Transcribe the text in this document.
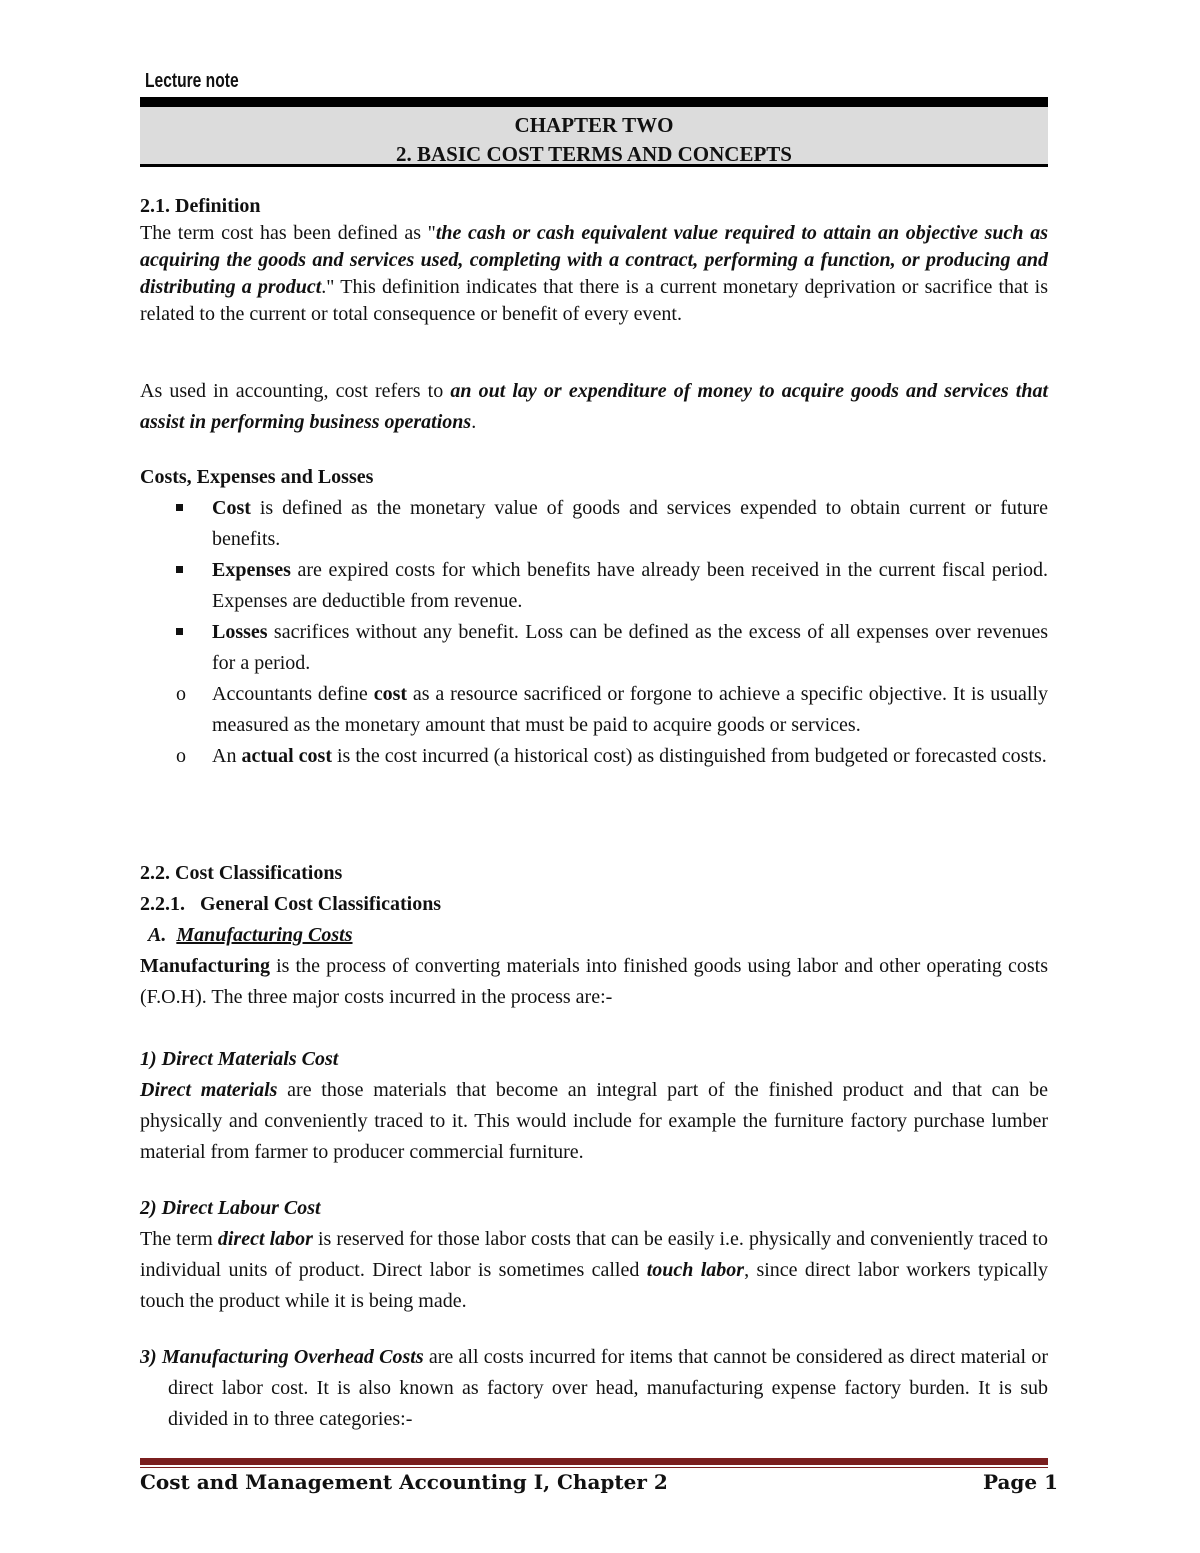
Lecture note
CHAPTER TWO
2. BASIC COST TERMS AND CONCEPTS

2.1. Definition

The term cost has been defined as "the cash or cash equivalent value required to attain an objective such as acquiring the goods and services used, completing with a contract, performing a function, or producing and distributing a product." This definition indicates that there is a current monetary deprivation or sacrifice that is related to the current or total consequence or benefit of every event.

As used in accounting, cost refers to an out lay or expenditure of money to acquire goods and services that assist in performing business operations.

Costs, Expenses and Losses

Cost is defined as the monetary value of goods and services expended to obtain current or future benefits.
Expenses are expired costs for which benefits have already been received in the current fiscal period. Expenses are deductible from revenue.
Losses sacrifices without any benefit. Loss can be defined as the excess of all expenses over revenues for a period.
o Accountants define cost as a resource sacrificed or forgone to achieve a specific objective. It is usually measured as the monetary amount that must be paid to acquire goods or services.
o An actual cost is the cost incurred (a historical cost) as distinguished from budgeted or forecasted costs.

2.2. Cost Classifications

2.2.1. General Cost Classifications

A. Manufacturing Costs

Manufacturing is the process of converting materials into finished goods using labor and other operating costs (F.O.H). The three major costs incurred in the process are:-

1) Direct Materials Cost

Direct materials are those materials that become an integral part of the finished product and that can be physically and conveniently traced to it. This would include for example the furniture factory purchase lumber material from farmer to producer commercial furniture.

2) Direct Labour Cost

The term direct labor is reserved for those labor costs that can be easily i.e. physically and conveniently traced to individual units of product. Direct labor is sometimes called touch labor, since direct labor workers typically touch the product while it is being made.

3) Manufacturing Overhead Costs are all costs incurred for items that cannot be considered as direct material or direct labor cost. It is also known as factory over head, manufacturing expense factory burden. It is sub divided in to three categories:-

Cost and Management Accounting I, Chapter 2	Page 1
